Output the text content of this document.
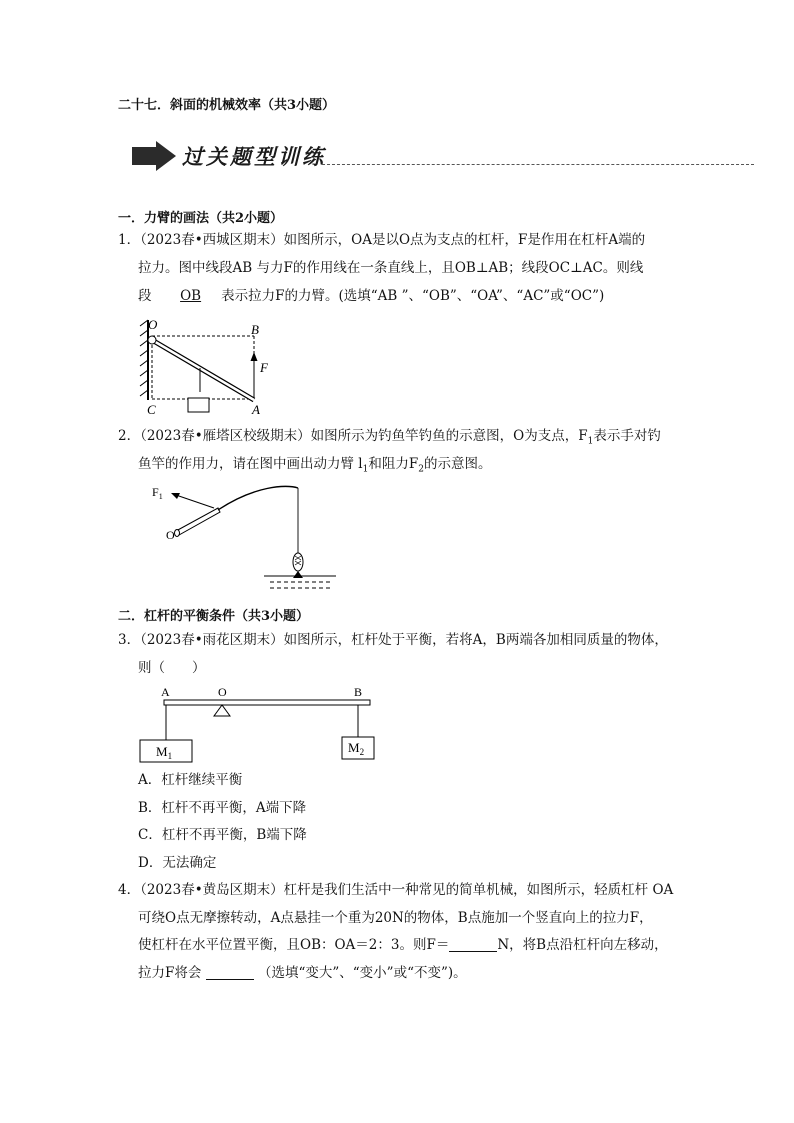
二十七．斜面的机械效率（共3小题）
过关题型训练
一．力臂的画法（共2小题）
1．（2023春•西城区期末）如图所示，OA是以O点为支点的杠杆，F是作用在杠杆A端的
拉力。图中线段AB 与力F的作用线在一条直线上，且OB⊥AB；线段OC⊥AC。则线
段 OB 表示拉力F的力臂。(选填“AB ”、“OB”、“OA”、“AC”或“OC”)
O	B
F
C	A
2．（2023春•雁塔区校级期末）如图所示为钓鱼竿钓鱼的示意图，O为支点，$F_1$表示手对钓
鱼竿的作用力，请在图中画出动力臂 $l_1$和阻力$F_2$的示意图。
$F_1$
O
二．杠杆的平衡条件（共3小题）
3．（2023春•雨花区期末）如图所示，杠杆处于平衡，若将A，B两端各加相同质量的物体，
则（　　）
A	O	B
$M_1$
$M_2$
A．杠杆继续平衡
B．杠杆不再平衡，A端下降
C．杠杆不再平衡，B端下降
D．无法确定
4．（2023春•黄岛区期末）杠杆是我们生活中一种常见的简单机械，如图所示，轻质杠杆 OA
可绕O点无摩擦转动，A点悬挂一个重为20N的物体，B点施加一个竖直向上的拉力F，
使杠杆在水平位置平衡，且OB：OA＝2：3。则F＝	N，将B点沿杠杆向左移动，
拉力F将会	（选填“变大”、“变小”或“不变”)。
